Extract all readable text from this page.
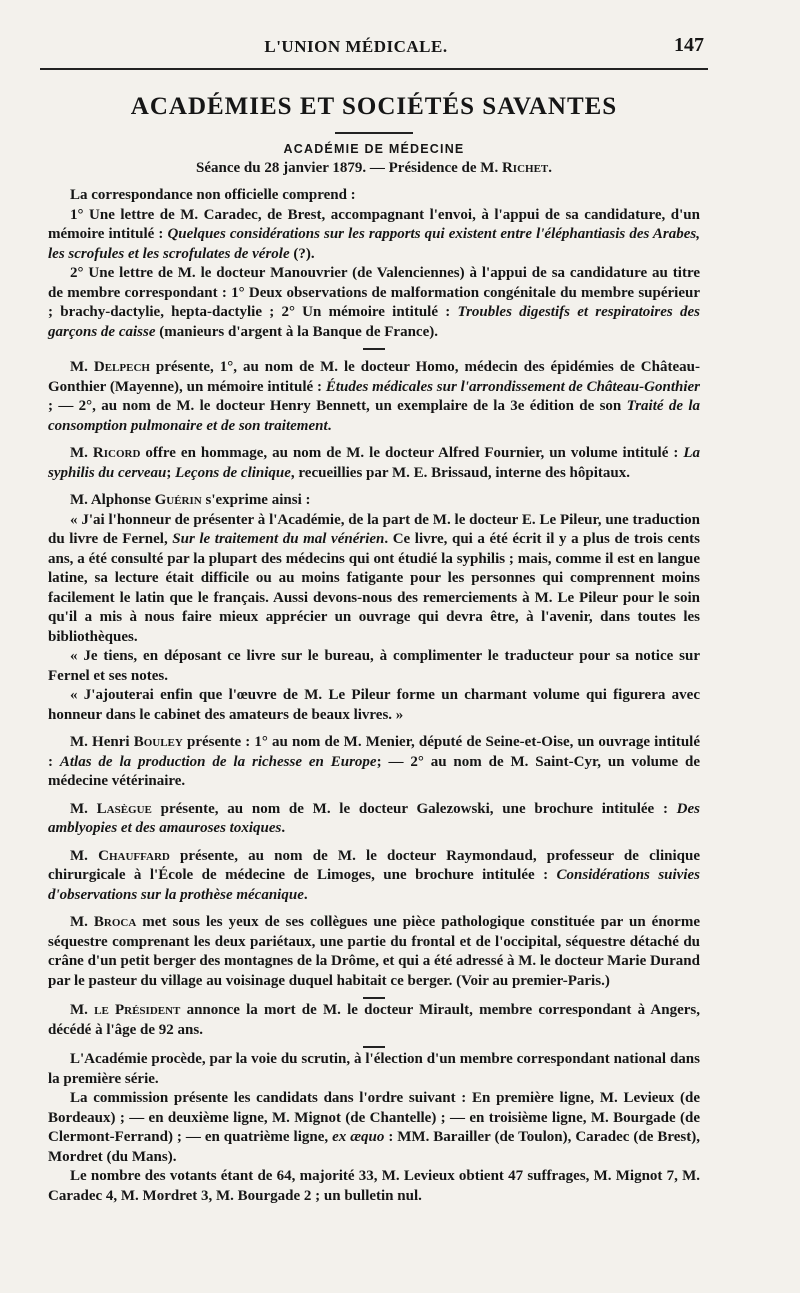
L'UNION MÉDICALE.	147
ACADÉMIES ET SOCIÉTÉS SAVANTES
ACADÉMIE DE MÉDECINE
Séance du 28 janvier 1879. — Présidence de M. Richet.

La correspondance non officielle comprend :

1° Une lettre de M. Caradec, de Brest, accompagnant l'envoi, à l'appui de sa candidature, d'un mémoire intitulé : Quelques considérations sur les rapports qui existent entre l'éléphantiasis des Arabes, les scrofules et les scrofulates de vérole (?).

2° Une lettre de M. le docteur Manouvrier (de Valenciennes) à l'appui de sa candidature au titre de membre correspondant : 1° Deux observations de malformation congénitale du membre supérieur ; brachy-dactylie, hepta-dactylie ; 2° Un mémoire intitulé : Troubles digestifs et respiratoires des garçons de caisse (manieurs d'argent à la Banque de France).

M. Delpech présente, 1°, au nom de M. le docteur Homo, médecin des épidémies de Château-Gonthier (Mayenne), un mémoire intitulé : Études médicales sur l'arrondissement de Château-Gonthier ; — 2°, au nom de M. le docteur Henry Bennett, un exemplaire de la 3e édition de son Traité de la consomption pulmonaire et de son traitement.

M. Ricord offre en hommage, au nom de M. le docteur Alfred Fournier, un volume intitulé : La syphilis du cerveau; Leçons de clinique, recueillies par M. E. Brissaud, interne des hôpitaux.

M. Alphonse Guérin s'exprime ainsi :

« J'ai l'honneur de présenter à l'Académie, de la part de M. le docteur E. Le Pileur, une traduction du livre de Fernel, Sur le traitement du mal vénérien. Ce livre, qui a été écrit il y a plus de trois cents ans, a été consulté par la plupart des médecins qui ont étudié la syphilis ; mais, comme il est en langue latine, sa lecture était difficile ou au moins fatigante pour les personnes qui comprennent moins facilement le latin que le français. Aussi devons-nous des remerciements à M. Le Pileur pour le soin qu'il a mis à nous faire mieux apprécier un ouvrage qui devra être, à l'avenir, dans toutes les bibliothèques.

« Je tiens, en déposant ce livre sur le bureau, à complimenter le traducteur pour sa notice sur Fernel et ses notes.

« J'ajouterai enfin que l'œuvre de M. Le Pileur forme un charmant volume qui figurera avec honneur dans le cabinet des amateurs de beaux livres. »

M. Henri Bouley présente : 1° au nom de M. Menier, député de Seine-et-Oise, un ouvrage intitulé : Atlas de la production de la richesse en Europe; — 2° au nom de M. Saint-Cyr, un volume de médecine vétérinaire.

M. Lasègue présente, au nom de M. le docteur Galezowski, une brochure intitulée : Des amblyopies et des amauroses toxiques.

M. Chauffard présente, au nom de M. le docteur Raymondaud, professeur de clinique chirurgicale à l'École de médecine de Limoges, une brochure intitulée : Considérations suivies d'observations sur la prothèse mécanique.

M. Broca met sous les yeux de ses collègues une pièce pathologique constituée par un énorme séquestre comprenant les deux pariétaux, une partie du frontal et de l'occipital, séquestre détaché du crâne d'un petit berger des montagnes de la Drôme, et qui a été adressé à M. le docteur Marie Durand par le pasteur du village au voisinage duquel habitait ce berger. (Voir au premier-Paris.)

M. le Président annonce la mort de M. le docteur Mirault, membre correspondant à Angers, décédé à l'âge de 92 ans.

L'Académie procède, par la voie du scrutin, à l'élection d'un membre correspondant national dans la première série.

La commission présente les candidats dans l'ordre suivant : En première ligne, M. Levieux (de Bordeaux) ; — en deuxième ligne, M. Mignot (de Chantelle) ; — en troisième ligne, M. Bourgade (de Clermont-Ferrand) ; — en quatrième ligne, ex æquo : MM. Barailler (de Toulon), Caradec (de Brest), Mordret (du Mans).

Le nombre des votants étant de 64, majorité 33, M. Levieux obtient 47 suffrages, M. Mignot 7, M. Caradec 4, M. Mordret 3, M. Bourgade 2 ; un bulletin nul.
